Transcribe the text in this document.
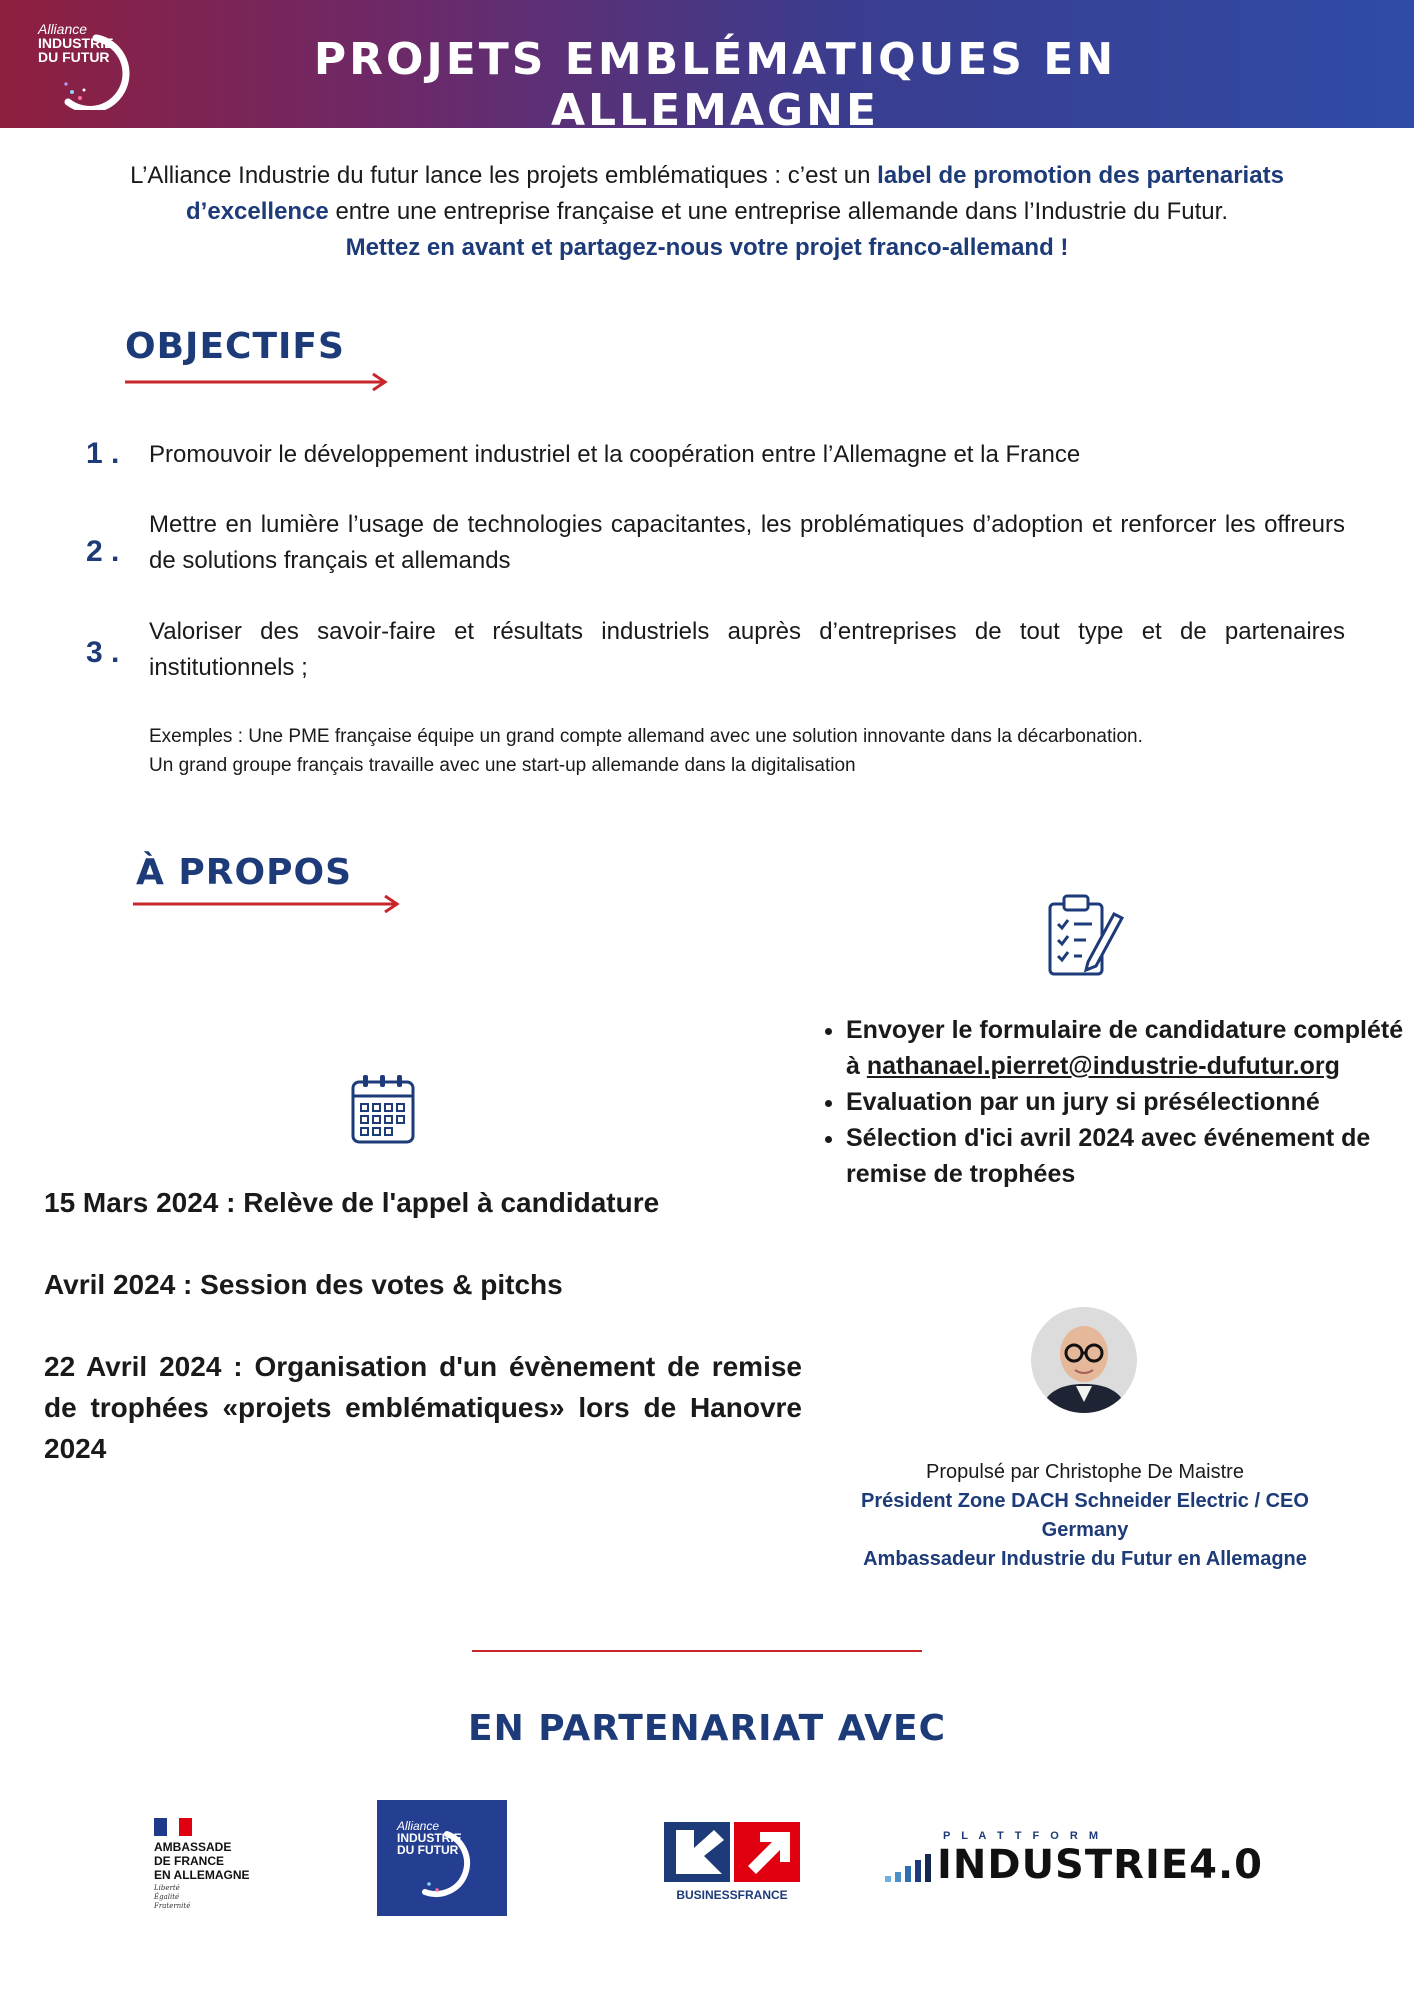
Alliance
INDUSTRIE
DU FUTUR	PROJETS EMBLÉMATIQUES EN ALLEMAGNE
L’Alliance Industrie du futur lance les projets emblématiques : c’est un label de promotion des partenariats d’excellence entre une entreprise française et une entreprise allemande dans l’Industrie du Futur.
Mettez en avant et partagez-nous votre projet franco-allemand !
OBJECTIFS
1 .	Promouvoir le développement industriel et la coopération entre l’Allemagne et la France
2 .
Mettre en lumière l’usage de technologies capacitantes, les problématiques d’adoption et renforcer les offreurs de solutions français et allemands
3 .
Valoriser des savoir-faire et résultats industriels auprès d’entreprises de tout type et de partenaires institutionnels ;
Exemples : Une PME française équipe un grand compte allemand avec une solution innovante dans la décarbonation.
Un grand groupe français travaille avec une start-up allemande dans la digitalisation
À PROPOS
15 Mars 2024 : Relève de l'appel à candidature
Avril 2024 : Session des votes & pitchs
22 Avril 2024 : Organisation d'un évènement de remise de trophées «projets emblématiques» lors de Hanovre 2024
• Envoyer le formulaire de candidature complété à nathanael.pierret@industrie-dufutur.org
• Evaluation par un jury si présélectionné
• Sélection d'ici avril 2024 avec événement de remise de trophées
Propulsé par Christophe De Maistre
Président Zone DACH Schneider Electric / CEO Germany
Ambassadeur Industrie du Futur en Allemagne
EN PARTENARIAT AVEC
AMBASSADE
DE FRANCE
EN ALLEMAGNE
Liberté
Égalité
Fraternité
Alliance
INDUSTRIE
DU FUTUR
BUSINESSFRANCE
P L A T T F O R M
INDUSTRIE4.0
